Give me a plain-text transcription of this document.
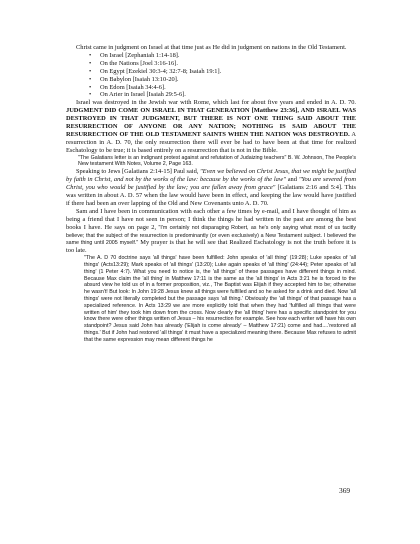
Christ came in judgment on Israel at that time just as He did in judgment on nations in the Old Testament.

• On Israel [Zephaniah 1:14-18].
• On the Nations [Joel 3:16-16].
• On Egypt [Ezekiel 30:3-4; 32:7-8; Isaiah 19:1].
• On Babylon [Isaiah 13:10-20].
• On Edom [Isaiah 34:4-6].
• On Arier in Israel [Isaiah 29:5-6].

Israel was destroyed in the Jewish war with Rome, which last for about five years and ended in A. D. 70. JUDGMENT DID COME ON ISRAEL IN THAT GENERATION [Matthew 23:36], AND ISRAEL WAS DESTROYED IN THAT JUDGMENT, BUT THERE IS NOT ONE THING SAID ABOUT THE RESURRECTION OF ANYONE OR ANY NATION; NOTHING IS SAID ABOUT THE RESURRECTION OF THE OLD TESTAMENT SAINTS WHEN THE NATION WAS DESTROYED. A resurrection in A. D. 70, the only resurrection there will ever be had to have been at that time for realized Eschatology to be true; it is based entirely on a resurrection that is not in the Bible.

"The Galatians letter is an indignant protest against and refutation of Judaizing teachers" B. W. Johnson, The People's New testament With Notes, Volume 2, Page 163.

Speaking to Jews [Galatians 2:14-15] Paul said, "Even we believed on Christ Jesus, that we might be justified by faith in Christ, and not by the works of the law: because by the works of the law" and "You are severed from Christ, you who would be justified by the law; you are fallen away from grace" [Galatians 2:16 and 5:4]. This was written in about A. D. 57 when the law would have been in effect, and keeping the law would have justified if there had been an over lapping of the Old and New Covenants unto A. D. 70.

Sam and I have been in communication with each other a few times by e-mail, and I have thought of him as being a friend that I have not seen in person; I think the things he had written in the past are among the best books I have. He says on page 2, "I'm certainly not disparaging Robert, as he's only saying what most of us tacitly believe; that the subject of the resurrection is predominantly (or even exclusively) a New Testament subject. I believed the same thing until 2005 myself." My prayer is that he will see that Realized Eschatology is not the truth before it is too late.

"The A. D 70 doctrine says 'all things' have been fulfilled: John speaks of 'all thing' (19:28); Luke speaks of 'all things' (Acts13:29); Mark speaks of 'all things' (13:20); Luke again speaks of 'all thing' (24:44); Peter speaks of 'all thing' (1 Peter 4:7). What you need to notice is, the 'all things' of these passages have different things in mind. Because Max claim the 'all thing' in Matthew 17:11 is the same as the 'all things' in Acts 3:21 he is forced to the absurd view he told us of in a former proposition, viz., The Baptist was Elijah if they accepted him to be; otherwise he wasn't! But look: In John 19:28 Jesus knew all things were fulfilled and so he asked for a drink and died. Now 'all things' were not literally completed but the passage says 'all thing.' Obviously the 'all things' of that passage has a specialized reference. In Acts 13:29 we are more explicitly told that when they had 'fulfilled all things that were written of him' they took him down from the cross. Now clearly the 'all thing' here has a specific standpoint for you know there were other things written of Jesus – his resurrection for example. See how each writer will have his own standpoint? Jesus said John has already ('Elijah is come already' – Matthew 17:21) come and had....'restored all things.' But if John had restored 'all things' it must have a specialized meaning there. Because Max refuses to admit that the same expression may mean different things he

369
